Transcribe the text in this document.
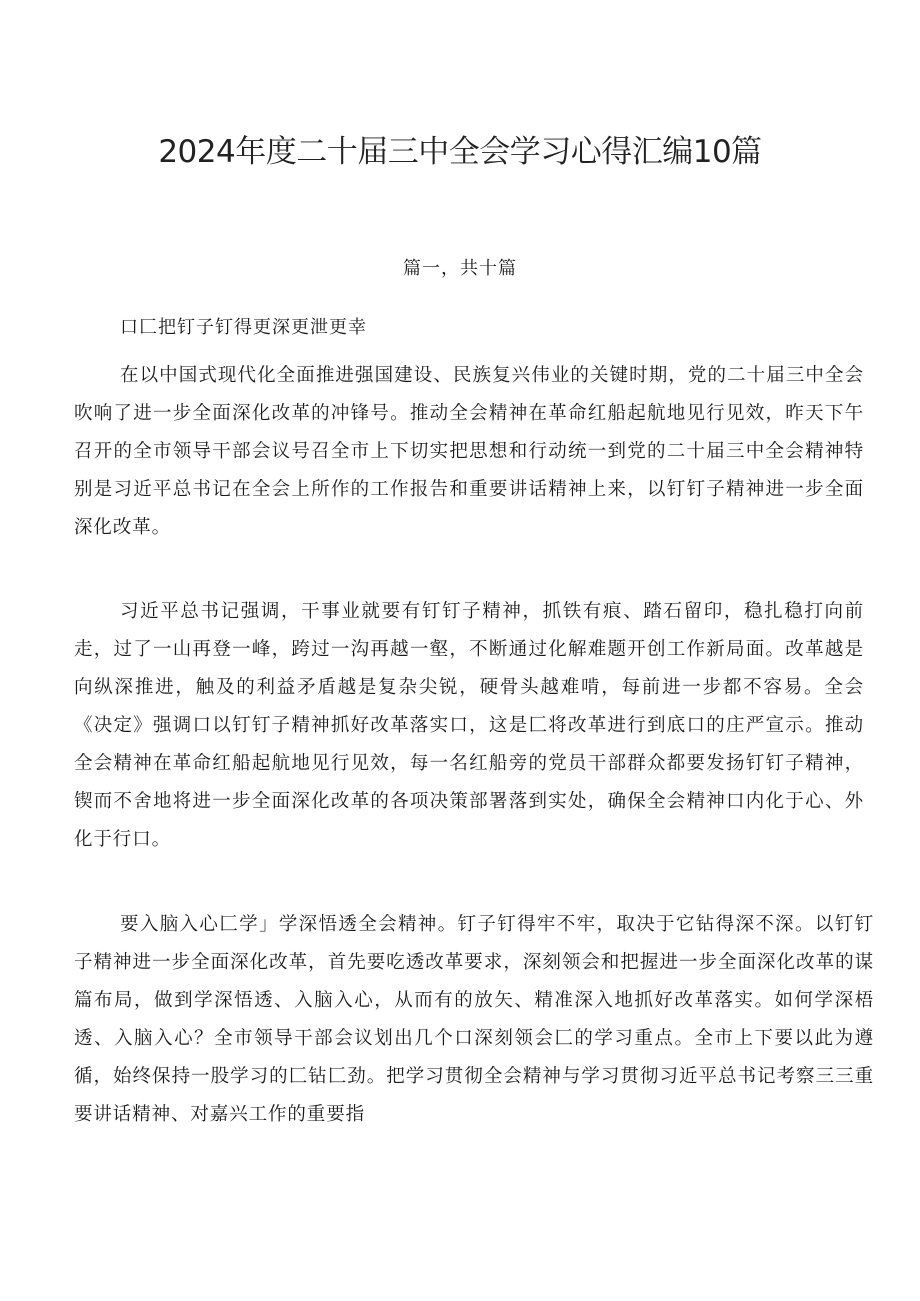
2024年度二十届三中全会学习心得汇编10篇
篇一，共十篇

口匚把钉子钉得更深更泄更幸

在以中国式现代化全面推进强国建设、民族复兴伟业的关键时期，党的二十届三中全会吹响了进一步全面深化改革的冲锋号。推动全会精神在革命红船起航地见行见效，昨天下午召开的全市领导干部会议号召全市上下切实把思想和行动统一到党的二十届三中全会精神特别是习近平总书记在全会上所作的工作报告和重要讲话精神上来，以钉钉子精神进一步全面深化改革。

习近平总书记强调，干事业就要有钉钉子精神，抓铁有痕、踏石留印，稳扎稳打向前走，过了一山再登一峰，跨过一沟再越一壑，不断通过化解难题开创工作新局面。改革越是向纵深推进，触及的利益矛盾越是复杂尖锐，硬骨头越难啃，每前进一步都不容易。全会《决定》强调口以钉钉子精神抓好改革落实口，这是匚将改革进行到底口的庄严宣示。推动全会精神在革命红船起航地见行见效，每一名红船旁的党员干部群众都要发扬钉钉子精神，锲而不舍地将进一步全面深化改革的各项决策部署落到实处，确保全会精神口内化于心、外化于行口。

要入脑入心匚学」学深悟透全会精神。钉子钉得牢不牢，取决于它钻得深不深。以钉钉子精神进一步全面深化改革，首先要吃透改革要求，深刻领会和把握进一步全面深化改革的谋篇布局，做到学深悟透、入脑入心，从而有的放矢、精准深入地抓好改革落实。如何学深梧透、入脑入心？全市领导干部会议划出几个口深刻领会匚的学习重点。全市上下要以此为遵循，始终保持一股学习的匚钻匚劲。把学习贯彻全会精神与学习贯彻习近平总书记考察三三重要讲话精神、对嘉兴工作的重要指
